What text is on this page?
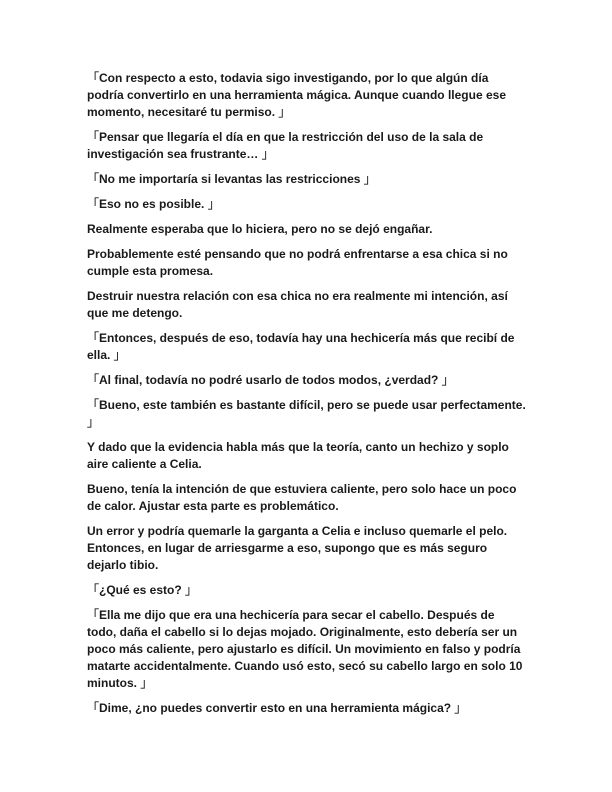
「Con respecto a esto, todavia sigo investigando, por lo que algún día podría convertirlo en una herramienta mágica. Aunque cuando llegue ese momento, necesitaré tu permiso. 」

「Pensar que llegaría el día en que la restricción del uso de la sala de investigación sea frustrante… 」

「No me importaría si levantas las restricciones 」

「Eso no es posible. 」

Realmente esperaba que lo hiciera, pero no se dejó engañar.

Probablemente esté pensando que no podrá enfrentarse a esa chica si no cumple esta promesa.

Destruir nuestra relación con esa chica no era realmente mi intención, así que me detengo.

「Entonces, después de eso, todavía hay una hechicería más que recibí de ella. 」

「Al final, todavía no podré usarlo de todos modos, ¿verdad? 」

「Bueno, este también es bastante difícil, pero se puede usar perfectamente. 」

Y dado que la evidencia habla más que la teoría, canto un hechizo y soplo aire caliente a Celia.

Bueno, tenía la intención de que estuviera caliente, pero solo hace un poco de calor. Ajustar esta parte es problemático.

Un error y podría quemarle la garganta a Celia e incluso quemarle el pelo. Entonces, en lugar de arriesgarme a eso, supongo que es más seguro dejarlo tibio.

「¿Qué es esto? 」

「Ella me dijo que era una hechicería para secar el cabello. Después de todo, daña el cabello si lo dejas mojado. Originalmente, esto debería ser un poco más caliente, pero ajustarlo es difícil. Un movimiento en falso y podría matarte accidentalmente. Cuando usó esto, secó su cabello largo en solo 10 minutos. 」

「Dime, ¿no puedes convertir esto en una herramienta mágica? 」
